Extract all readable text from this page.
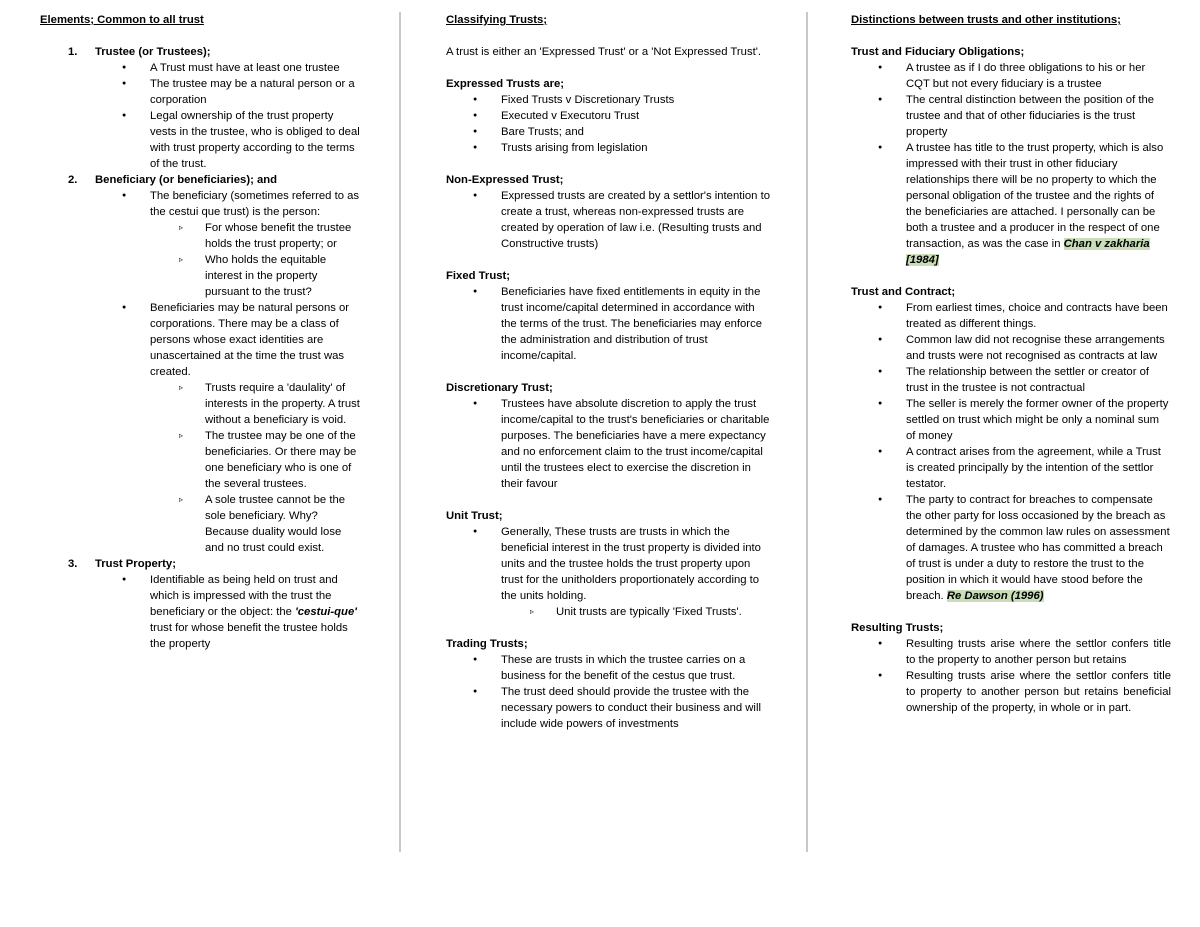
Elements; Common to all trust
1. Trustee (or Trustees);
● A Trust must have at least one trustee
● The trustee may be a natural person or a corporation
● Legal ownership of the trust property vests in the trustee, who is obliged to deal with trust property according to the terms of the trust.
2. Beneficiary (or beneficiaries); and
● The beneficiary (sometimes referred to as the cestui que trust) is the person:
▹ For whose benefit the trustee holds the trust property; or
▹ Who holds the equitable interest in the property pursuant to the trust?
● Beneficiaries may be natural persons or corporations. There may be a class of persons whose exact identities are unascertained at the time the trust was created.
▹ Trusts require a 'daulality' of interests in the property. A trust without a beneficiary is void.
▹ The trustee may be one of the beneficiaries. Or there may be one beneficiary who is one of the several trustees.
▹ A sole trustee cannot be the sole beneficiary. Why? Because duality would lose and no trust could exist.
3. Trust Property;
● Identifiable as being held on trust and which is impressed with the trust the beneficiary or the object: the 'cestui-que' trust for whose benefit the trustee holds the property
Classifying Trusts;
A trust is either an 'Expressed Trust' or a 'Not Expressed Trust'.
Expressed Trusts are;
● Fixed Trusts v Discretionary Trusts
● Executed v Executoru Trust
● Bare Trusts; and
● Trusts arising from legislation
Non-Expressed Trust;
● Expressed trusts are created by a settlor's intention to create a trust, whereas non-expressed trusts are created by operation of law i.e. (Resulting trusts and Constructive trusts)
Fixed Trust;
● Beneficiaries have fixed entitlements in equity in the trust income/capital determined in accordance with the terms of the trust. The beneficiaries may enforce the administration and distribution of trust income/capital.
Discretionary Trust;
● Trustees have absolute discretion to apply the trust income/capital to the trust's beneficiaries or charitable purposes. The beneficiaries have a mere expectancy and no enforcement claim to the trust income/capital until the trustees elect to exercise the discretion in their favour
Unit Trust;
● Generally, These trusts are trusts in which the beneficial interest in the trust property is divided into units and the trustee holds the trust property upon trust for the unitholders proportionately according to the units holding.
▹ Unit trusts are typically 'Fixed Trusts'.
Trading Trusts;
● These are trusts in which the trustee carries on a business for the benefit of the cestus que trust.
● The trust deed should provide the trustee with the necessary powers to conduct their business and will include wide powers of investments
Distinctions between trusts and other institutions;
Trust and Fiduciary Obligations;
● A trustee as if I do three obligations to his or her CQT but not every fiduciary is a trustee
● The central distinction between the position of the trustee and that of other fiduciaries is the trust property
● A trustee has title to the trust property, which is also impressed with their trust in other fiduciary relationships there will be no property to which the personal obligation of the trustee and the rights of the beneficiaries are attached. I personally can be both a trustee and a producer in the respect of one transaction, as was the case in Chan v zakharia [1984]
Trust and Contract;
● From earliest times, choice and contracts have been treated as different things.
● Common law did not recognise these arrangements and trusts were not recognised as contracts at law
● The relationship between the settler or creator of trust in the trustee is not contractual
● The seller is merely the former owner of the property settled on trust which might be only a nominal sum of money
● A contract arises from the agreement, while a Trust is created principally by the intention of the settlor testator.
● The party to contract for breaches to compensate the other party for loss occasioned by the breach as determined by the common law rules on assessment of damages. A trustee who has committed a breach of trust is under a duty to restore the trust to the position in which it would have stood before the breach. Re Dawson (1996)
Resulting Trusts;
● Resulting trusts arise where the settlor confers title to the property to another person but retains
● Resulting trusts arise where the settlor confers title to property to another person but retains beneficial ownership of the property, in whole or in part.
